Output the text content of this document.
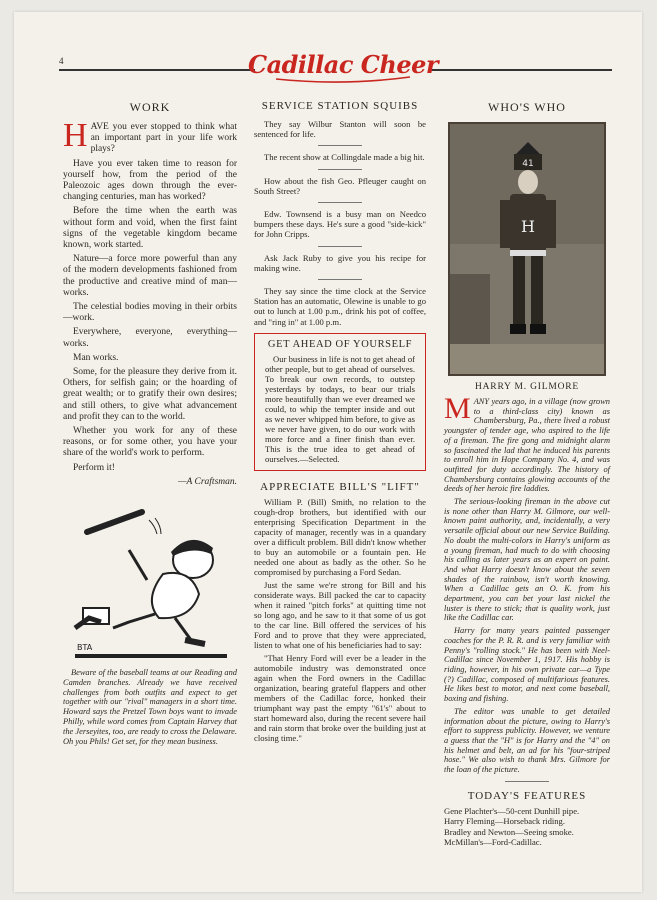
4	Cadillac Cheer
WORK

H AVE you ever stopped to think what an important part in your life work plays?

Have you ever taken time to reason for yourself how, from the period of the Paleozoic ages down through the ever-changing centuries, man has worked?

Before the time when the earth was without form and void, when the first faint signs of the vegetable kingdom became known, work started.

Nature—a force more powerful than any of the modern developments fashioned from the productive and creative mind of man—works.

The celestial bodies moving in their orbits—work.

Everywhere, everyone, everything—works.

Man works.

Some, for the pleasure they derive from it. Others, for selfish gain; or the hoarding of great wealth; or to gratify their own desires; and still others, to give what advancement and profit they can to the world.

Whether you work for any of these reasons, or for some other, you have your share of the world's work to perform.

Perform it!

—A Craftsman.

BTA

Beware of the baseball teams at our Reading and Camden branches. Already we have received challenges from both outfits and expect to get together with our "rival" managers in a short time. Howard says the Pretzel Town boys want to invade Philly, while word comes from Captain Harvey that the Jerseyites, too, are ready to cross the Delaware. Oh you Phils! Get set, for they mean business.

SERVICE STATION SQUIBS

They say Wilbur Stanton will soon be sentenced for life.

The recent show at Collingdale made a big hit.

How about the fish Geo. Pfleuger caught on South Street?

Edw. Townsend is a busy man on Needco bumpers these days. He's sure a good "side-kick" for John Cripps.

Ask Jack Ruby to give you his recipe for making wine.

They say since the time clock at the Service Station has an automatic, Olewine is unable to go out to lunch at 1.00 p.m., drink his pot of coffee, and "ring in" at 1.00 p.m.

GET AHEAD OF YOURSELF

Our business in life is not to get ahead of other people, but to get ahead of ourselves. To break our own records, to outstep yesterdays by todays, to bear our trials more beautifully than we ever dreamed we could, to whip the tempter inside and out as we never whipped him before, to give as we never have given, to do our work with more force and a finer finish than ever. This is the true idea to get ahead of ourselves.—Selected.

APPRECIATE BILL'S "LIFT"

William P. (Bill) Smith, no relation to the cough-drop brothers, but identified with our enterprising Specification Department in the capacity of manager, recently was in a quandary over a difficult problem. Bill didn't know whether to buy an automobile or a fountain pen. He needed one about as badly as the other. So he compromised by purchasing a Ford Sedan.

Just the same we're strong for Bill and his considerate ways. Bill packed the car to capacity when it rained "pitch forks" at quitting time not so long ago, and he saw to it that some of us got to the car line. Bill offered the services of his Ford and to prove that they were appreciated, listen to what one of his beneficiaries had to say:

"That Henry Ford will ever be a leader in the automobile industry was demonstrated once again when the Ford owners in the Cadillac organization, bearing grateful flappers and other members of the Cadillac force, honked their triumphant way past the empty "61's" about to start homeward also, during the recent severe hail and rain storm that broke over the building just at closing time."

WHO'S WHO
41
H
HARRY M. GILMORE

M ANY years ago, in a village (now grown to a third-class city) known as Chambersburg, Pa., there lived a robust youngster of tender age, who aspired to the life of a fireman. The fire gong and midnight alarm so fascinated the lad that he induced his parents to enroll him in Hope Company No. 4, and was outfitted for duty accordingly. The history of Chambersburg contains glowing accounts of the deeds of her heroic fire laddies.

The serious-looking fireman in the above cut is none other than Harry M. Gilmore, our well-known paint authority, and, incidentally, a very versatile official about our new Service Building. No doubt the multi-colors in Harry's uniform as a young fireman, had much to do with choosing his calling as later years as an expert on paint. And what Harry doesn't know about the seven shades of the rainbow, isn't worth knowing. When a Cadillac gets an O. K. from his department, you can bet your last nickel the luster is there to stick; that is quality work, just like the Cadillac car.

Harry for many years painted passenger coaches for the P. R. R. and is very familiar with Penny's "rolling stock." He has been with Neel-Cadillac since November 1, 1917. His hobby is riding, however, in his own private car—a Type (?) Cadillac, composed of multifarious features. He likes best to motor, and next come baseball, boxing and fishing.

The editor was unable to get detailed information about the picture, owing to Harry's effort to suppress publicity. However, we venture a guess that the "H" is for Harry and the "4" on his helmet and belt, an ad for his "four-striped hose." We also wish to thank Mrs. Gilmore for the loan of the picture.

TODAY'S FEATURES
Gene Plachter's—50-cent Dunhill pipe.
Harry Fleming—Horseback riding.
Bradley and Newton—Seeing smoke.
McMillan's—Ford-Cadillac.
